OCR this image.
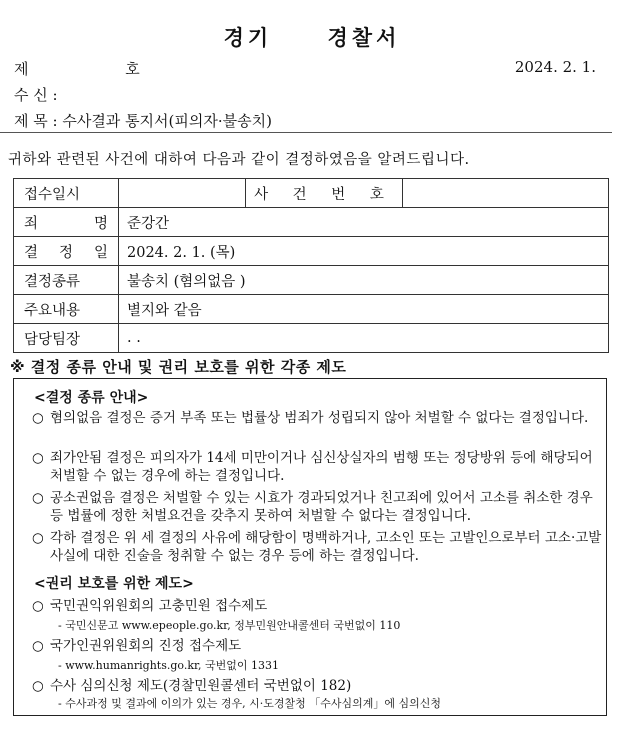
경기	경찰서
제	호	2024. 2. 1.
수 신 :
제 목 : 수사결과 통지서(피의자·불송치)
귀하와 관련된 사건에 대하여 다음과 같이 결정하였음을 알려드립니다.
접수일시		사 건 번 호	
죄 명	준강간		
결 정 일	2024. 2. 1. (목)		
결정종류	불송치 (혐의없음 )		
주요내용	별지와 같음		
담당팀장	. .		
※ 결정 종류 안내 및 권리 보호를 위한 각종 제도
<결정 종류 안내>
○ 혐의없음 결정은 증거 부족 또는 법률상 범죄가 성립되지 않아 처벌할 수 없다는 결정입니다.
○ 죄가안됨 결정은 피의자가 14세 미만이거나 심신상실자의 범행 또는 정당방위 등에 해당되어 처벌할 수 없는 경우에 하는 결정입니다.
○ 공소권없음 결정은 처벌할 수 있는 시효가 경과되었거나 친고죄에 있어서 고소를 취소한 경우 등 법률에 정한 처벌요건을 갖추지 못하여 처벌할 수 없다는 결정입니다.
○ 각하 결정은 위 세 결정의 사유에 해당함이 명백하거나, 고소인 또는 고발인으로부터 고소·고발 사실에 대한 진술을 청취할 수 없는 경우 등에 하는 결정입니다.
<권리 보호를 위한 제도>
○ 국민권익위원회의 고충민원 접수제도
- 국민신문고 www.epeople.go.kr, 정부민원안내콜센터 국번없이 110
○ 국가인권위원회의 진정 접수제도
- www.humanrights.go.kr, 국번없이 1331
○ 수사 심의신청 제도(경찰민원콜센터 국번없이 182)
- 수사과정 및 결과에 이의가 있는 경우, 시·도경찰청 「수사심의계」에 심의신청
